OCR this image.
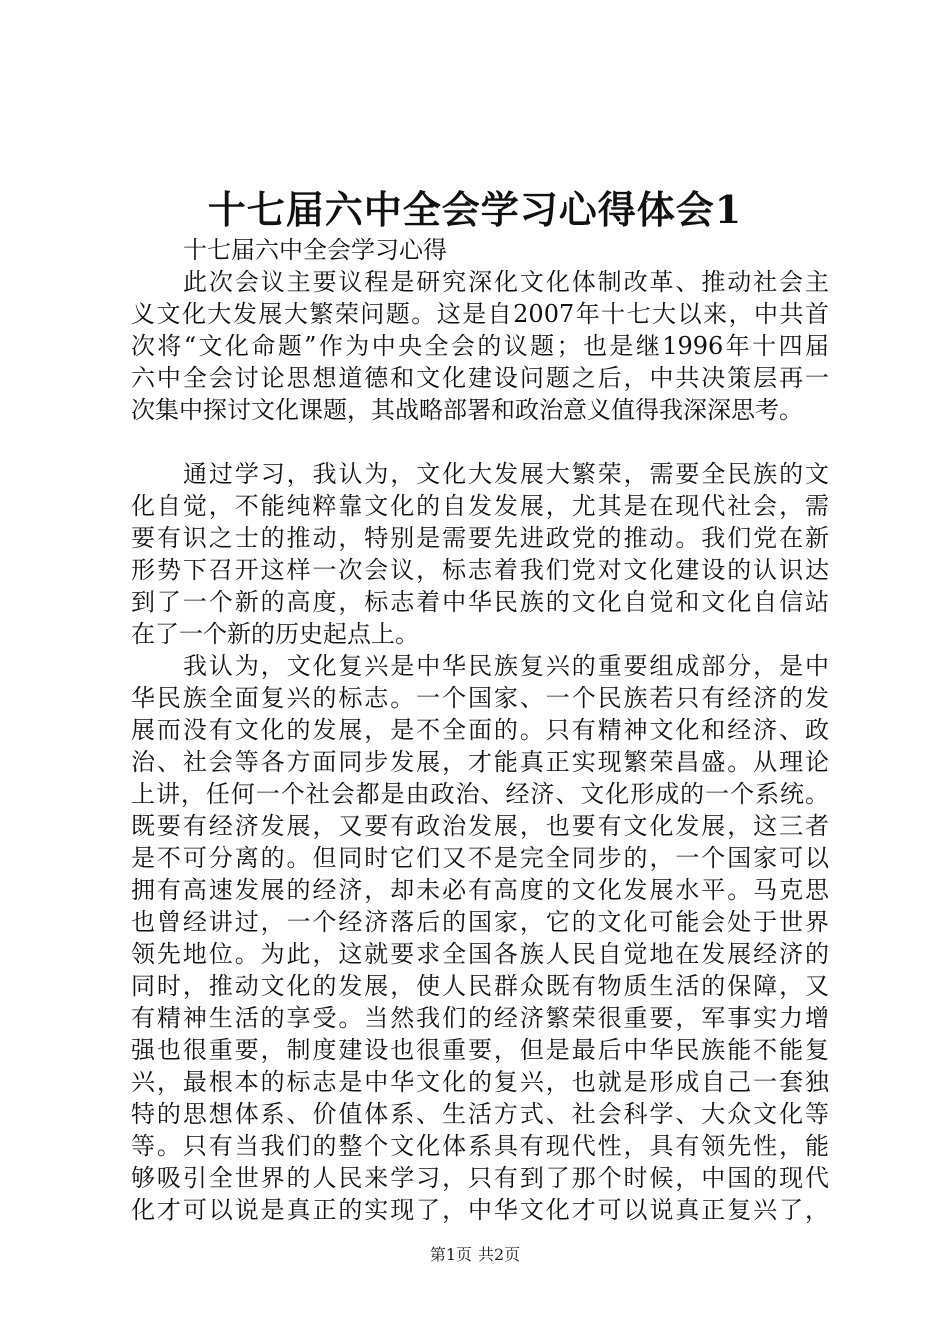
十七届六中全会学习心得体会1
十七届六中全会学习心得
此次会议主要议程是研究深化文化体制改革、推动社会主
义文化大发展大繁荣问题。这是自2007年十七大以来，中共首
次将“文化命题”作为中央全会的议题；也是继1996年十四届
六中全会讨论思想道德和文化建设问题之后，中共决策层再一
次集中探讨文化课题，其战略部署和政治意义值得我深深思考。
通过学习，我认为，文化大发展大繁荣，需要全民族的文
化自觉，不能纯粹靠文化的自发发展，尤其是在现代社会，需
要有识之士的推动，特别是需要先进政党的推动。我们党在新
形势下召开这样一次会议，标志着我们党对文化建设的认识达
到了一个新的高度，标志着中华民族的文化自觉和文化自信站
在了一个新的历史起点上。
我认为，文化复兴是中华民族复兴的重要组成部分，是中
华民族全面复兴的标志。一个国家、一个民族若只有经济的发
展而没有文化的发展，是不全面的。只有精神文化和经济、政
治、社会等各方面同步发展，才能真正实现繁荣昌盛。从理论
上讲，任何一个社会都是由政治、经济、文化形成的一个系统。
既要有经济发展，又要有政治发展，也要有文化发展，这三者
是不可分离的。但同时它们又不是完全同步的，一个国家可以
拥有高速发展的经济，却未必有高度的文化发展水平。马克思
也曾经讲过，一个经济落后的国家，它的文化可能会处于世界
领先地位。为此，这就要求全国各族人民自觉地在发展经济的
同时，推动文化的发展，使人民群众既有物质生活的保障，又
有精神生活的享受。当然我们的经济繁荣很重要，军事实力增
强也很重要，制度建设也很重要，但是最后中华民族能不能复
兴，最根本的标志是中华文化的复兴，也就是形成自己一套独
特的思想体系、价值体系、生活方式、社会科学、大众文化等
等。只有当我们的整个文化体系具有现代性，具有领先性，能
够吸引全世界的人民来学习，只有到了那个时候，中国的现代
化才可以说是真正的实现了，中华文化才可以说真正复兴了，
第1页 共2页
